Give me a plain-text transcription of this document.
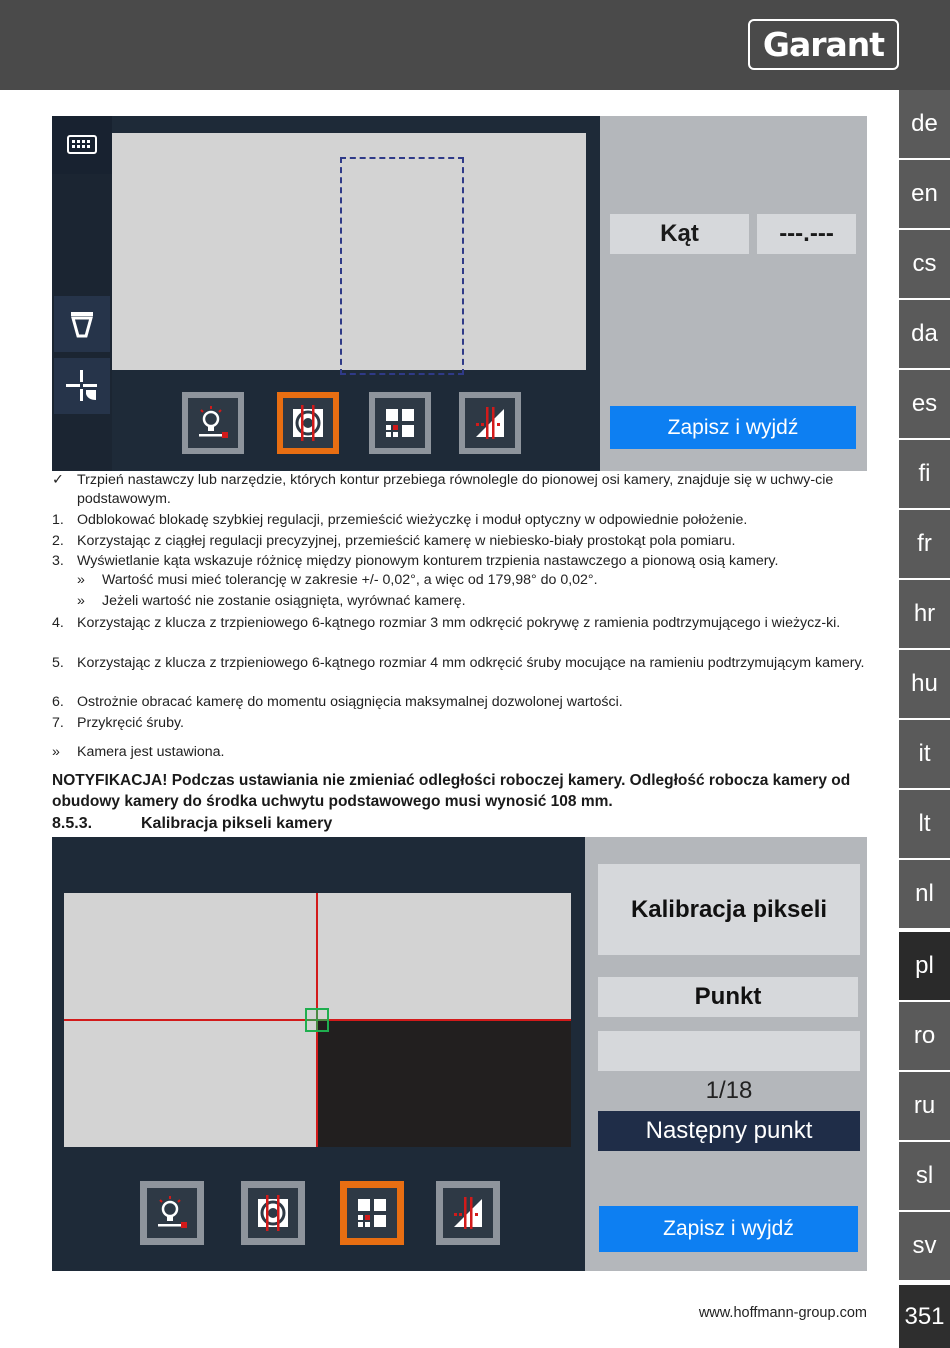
Garant
de
en
cs
da
es
fi
fr
hr
hu
it
lt
nl
pl
ro
ru
sl
sv
351
Kąt	---.---
Zapisz i wyjdź
✓ Trzpień nastawczy lub narzędzie, których kontur przebiega równolegle do pionowej osi kamery, znajduje się w uchwy-cie podstawowym.
1. Odblokować blokadę szybkiej regulacji, przemieścić wieżyczkę i moduł optyczny w odpowiednie położenie.
2. Korzystając z ciągłej regulacji precyzyjnej, przemieścić kamerę w niebiesko-biały prostokąt pola pomiaru.
3. Wyświetlanie kąta wskazuje różnicę między pionowym konturem trzpienia nastawczego a pionową osią kamery.
» Wartość musi mieć tolerancję w zakresie +/- 0,02°, a więc od 179,98° do 0,02°.
» Jeżeli wartość nie zostanie osiągnięta, wyrównać kamerę.
4. Korzystając z klucza z trzpieniowego 6-kątnego rozmiar 3 mm odkręcić pokrywę z ramienia podtrzymującego i wieżycz-ki.
5. Korzystając z klucza z trzpieniowego 6-kątnego rozmiar 4 mm odkręcić śruby mocujące na ramieniu podtrzymującym kamery.
6. Ostrożnie obracać kamerę do momentu osiągnięcia maksymalnej dozwolonej wartości.
7. Przykręcić śruby.
» Kamera jest ustawiona.
NOTYFIKACJA! Podczas ustawiania nie zmieniać odległości roboczej kamery. Odległość robocza kamery od obudowy kamery do środka uchwytu podstawowego musi wynosić 108 mm.
8.5.3.	Kalibracja pikseli kamery
Kalibracja pikseli
Punkt
1/18
Następny punkt
Zapisz i wyjdź
www.hoffmann-group.com
